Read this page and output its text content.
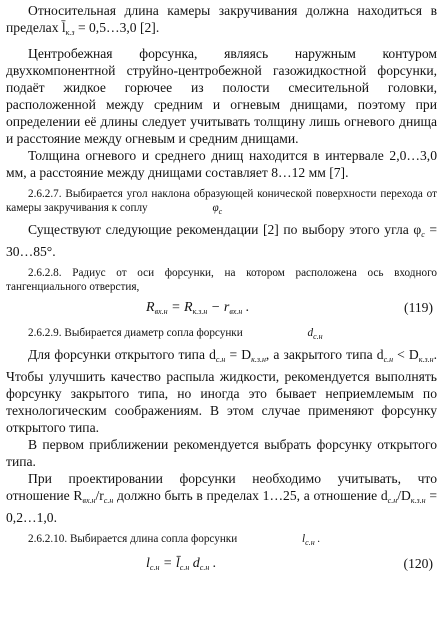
Относительная длина камеры закручивания должна находиться в пределах $l̄_{к.з}$ = 0,5…3,0 [2].

Центробежная форсунка, являясь наружным контуром двухкомпонентной струйно-центробежной газожидкостной форсунки, подаёт жидкое горючее из полости смесительной головки, расположенной между средним и огневым днищами, поэтому при определении её длины следует учитывать толщину лишь огневого днища и расстояние между огневым и средним днищами.

Толщина огневого и среднего днищ находится в интервале 2,0…3,0 мм, а расстояние между днищами составляет 8…12 мм [7].

2.6.2.7. Выбирается угол наклона образующей конической поверхности перехода от камеры закручивания к соплу	$\varphi_с$

Существуют следующие рекомендации [2] по выбору этого угла $\varphi_с$ = 30…85°.

2.6.2.8. Радиус от оси форсунки, на котором расположена ось входного тангенциального отверстия,

$R_{вх.н} = R_{к.з.н} - r_{вх.н}$ .	(119)

2.6.2.9. Выбирается диаметр сопла форсунки	$d_{с.н}$

Для форсунки открытого типа $d_{с.н} = D_{к.з.н}$, а закрытого типа $d_{с.н} < D_{к.з.н}$. Чтобы улучшить качество распыла жидкости, рекомендуется выполнять форсунку закрытого типа, но иногда это бывает неприемлемым по технологическим соображениям. В этом случае применяют форсунку открытого типа.

В первом приближении рекомендуется выбрать форсунку открытого типа.

При проектировании форсунки необходимо учитывать, что отношение $R_{вх.н}/r_{с.н}$ должно быть в пределах 1…25, а отношение $d_{с.н}/D_{к.з.н}$ = 0,2…1,0.

2.6.2.10. Выбирается длина сопла форсунки	$l_{с.н}$ .

$l_{с.н}$ = $l̄_{с.н}$ $d_{с.н}$ .	(120)
